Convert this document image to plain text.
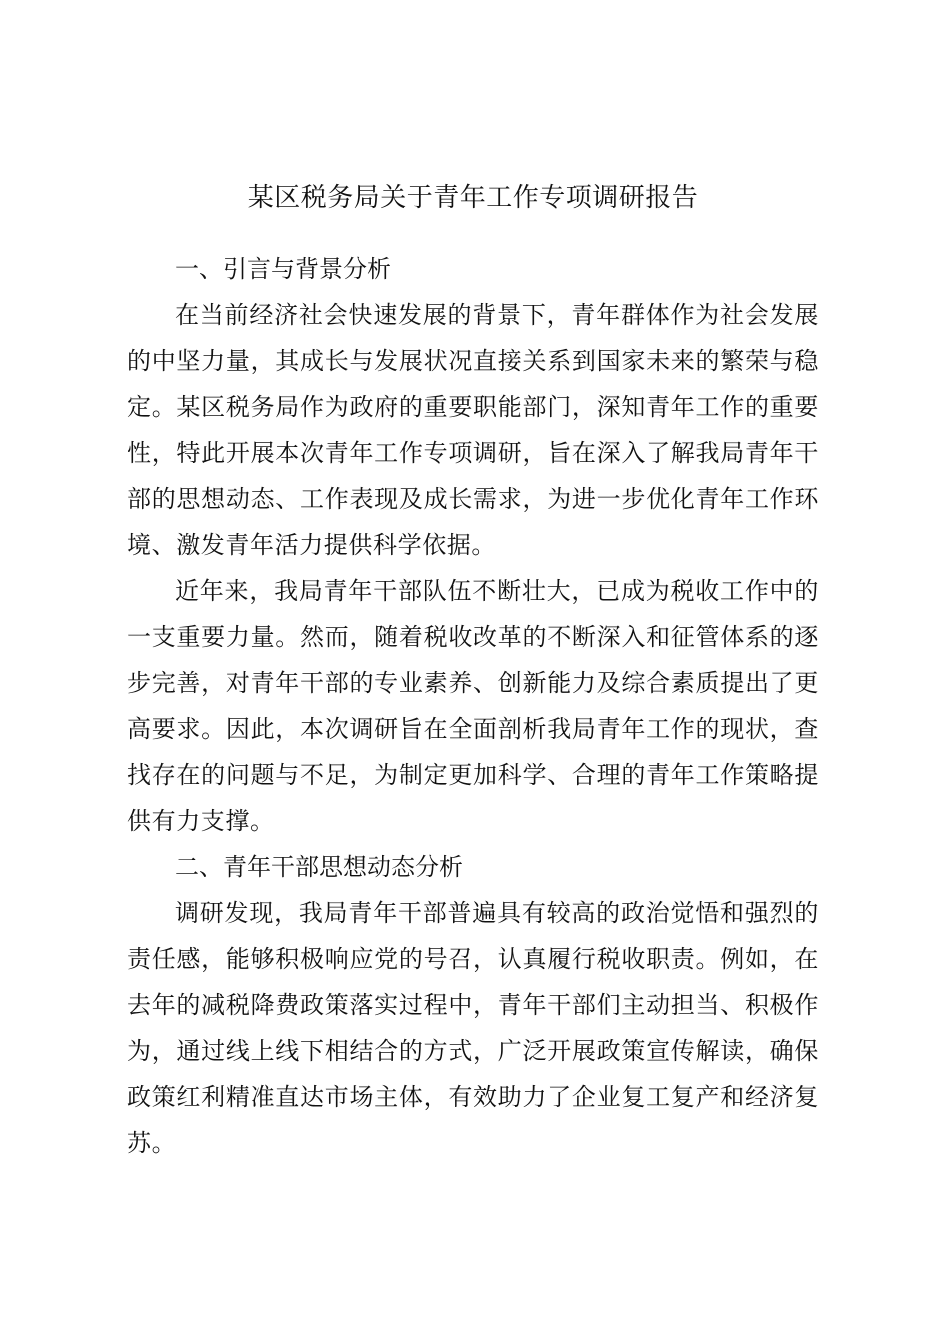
某区税务局关于青年工作专项调研报告
一、引言与背景分析

在当前经济社会快速发展的背景下，青年群体作为社会发展的中坚力量，其成长与发展状况直接关系到国家未来的繁荣与稳定。某区税务局作为政府的重要职能部门，深知青年工作的重要性，特此开展本次青年工作专项调研，旨在深入了解我局青年干部的思想动态、工作表现及成长需求，为进一步优化青年工作环境、激发青年活力提供科学依据。

近年来，我局青年干部队伍不断壮大，已成为税收工作中的一支重要力量。然而，随着税收改革的不断深入和征管体系的逐步完善，对青年干部的专业素养、创新能力及综合素质提出了更高要求。因此，本次调研旨在全面剖析我局青年工作的现状，查找存在的问题与不足，为制定更加科学、合理的青年工作策略提供有力支撑。

二、青年干部思想动态分析

调研发现，我局青年干部普遍具有较高的政治觉悟和强烈的责任感，能够积极响应党的号召，认真履行税收职责。例如，在去年的减税降费政策落实过程中，青年干部们主动担当、积极作为，通过线上线下相结合的方式，广泛开展政策宣传解读，确保政策红利精准直达市场主体，有效助力了企业复工复产和经济复苏。
